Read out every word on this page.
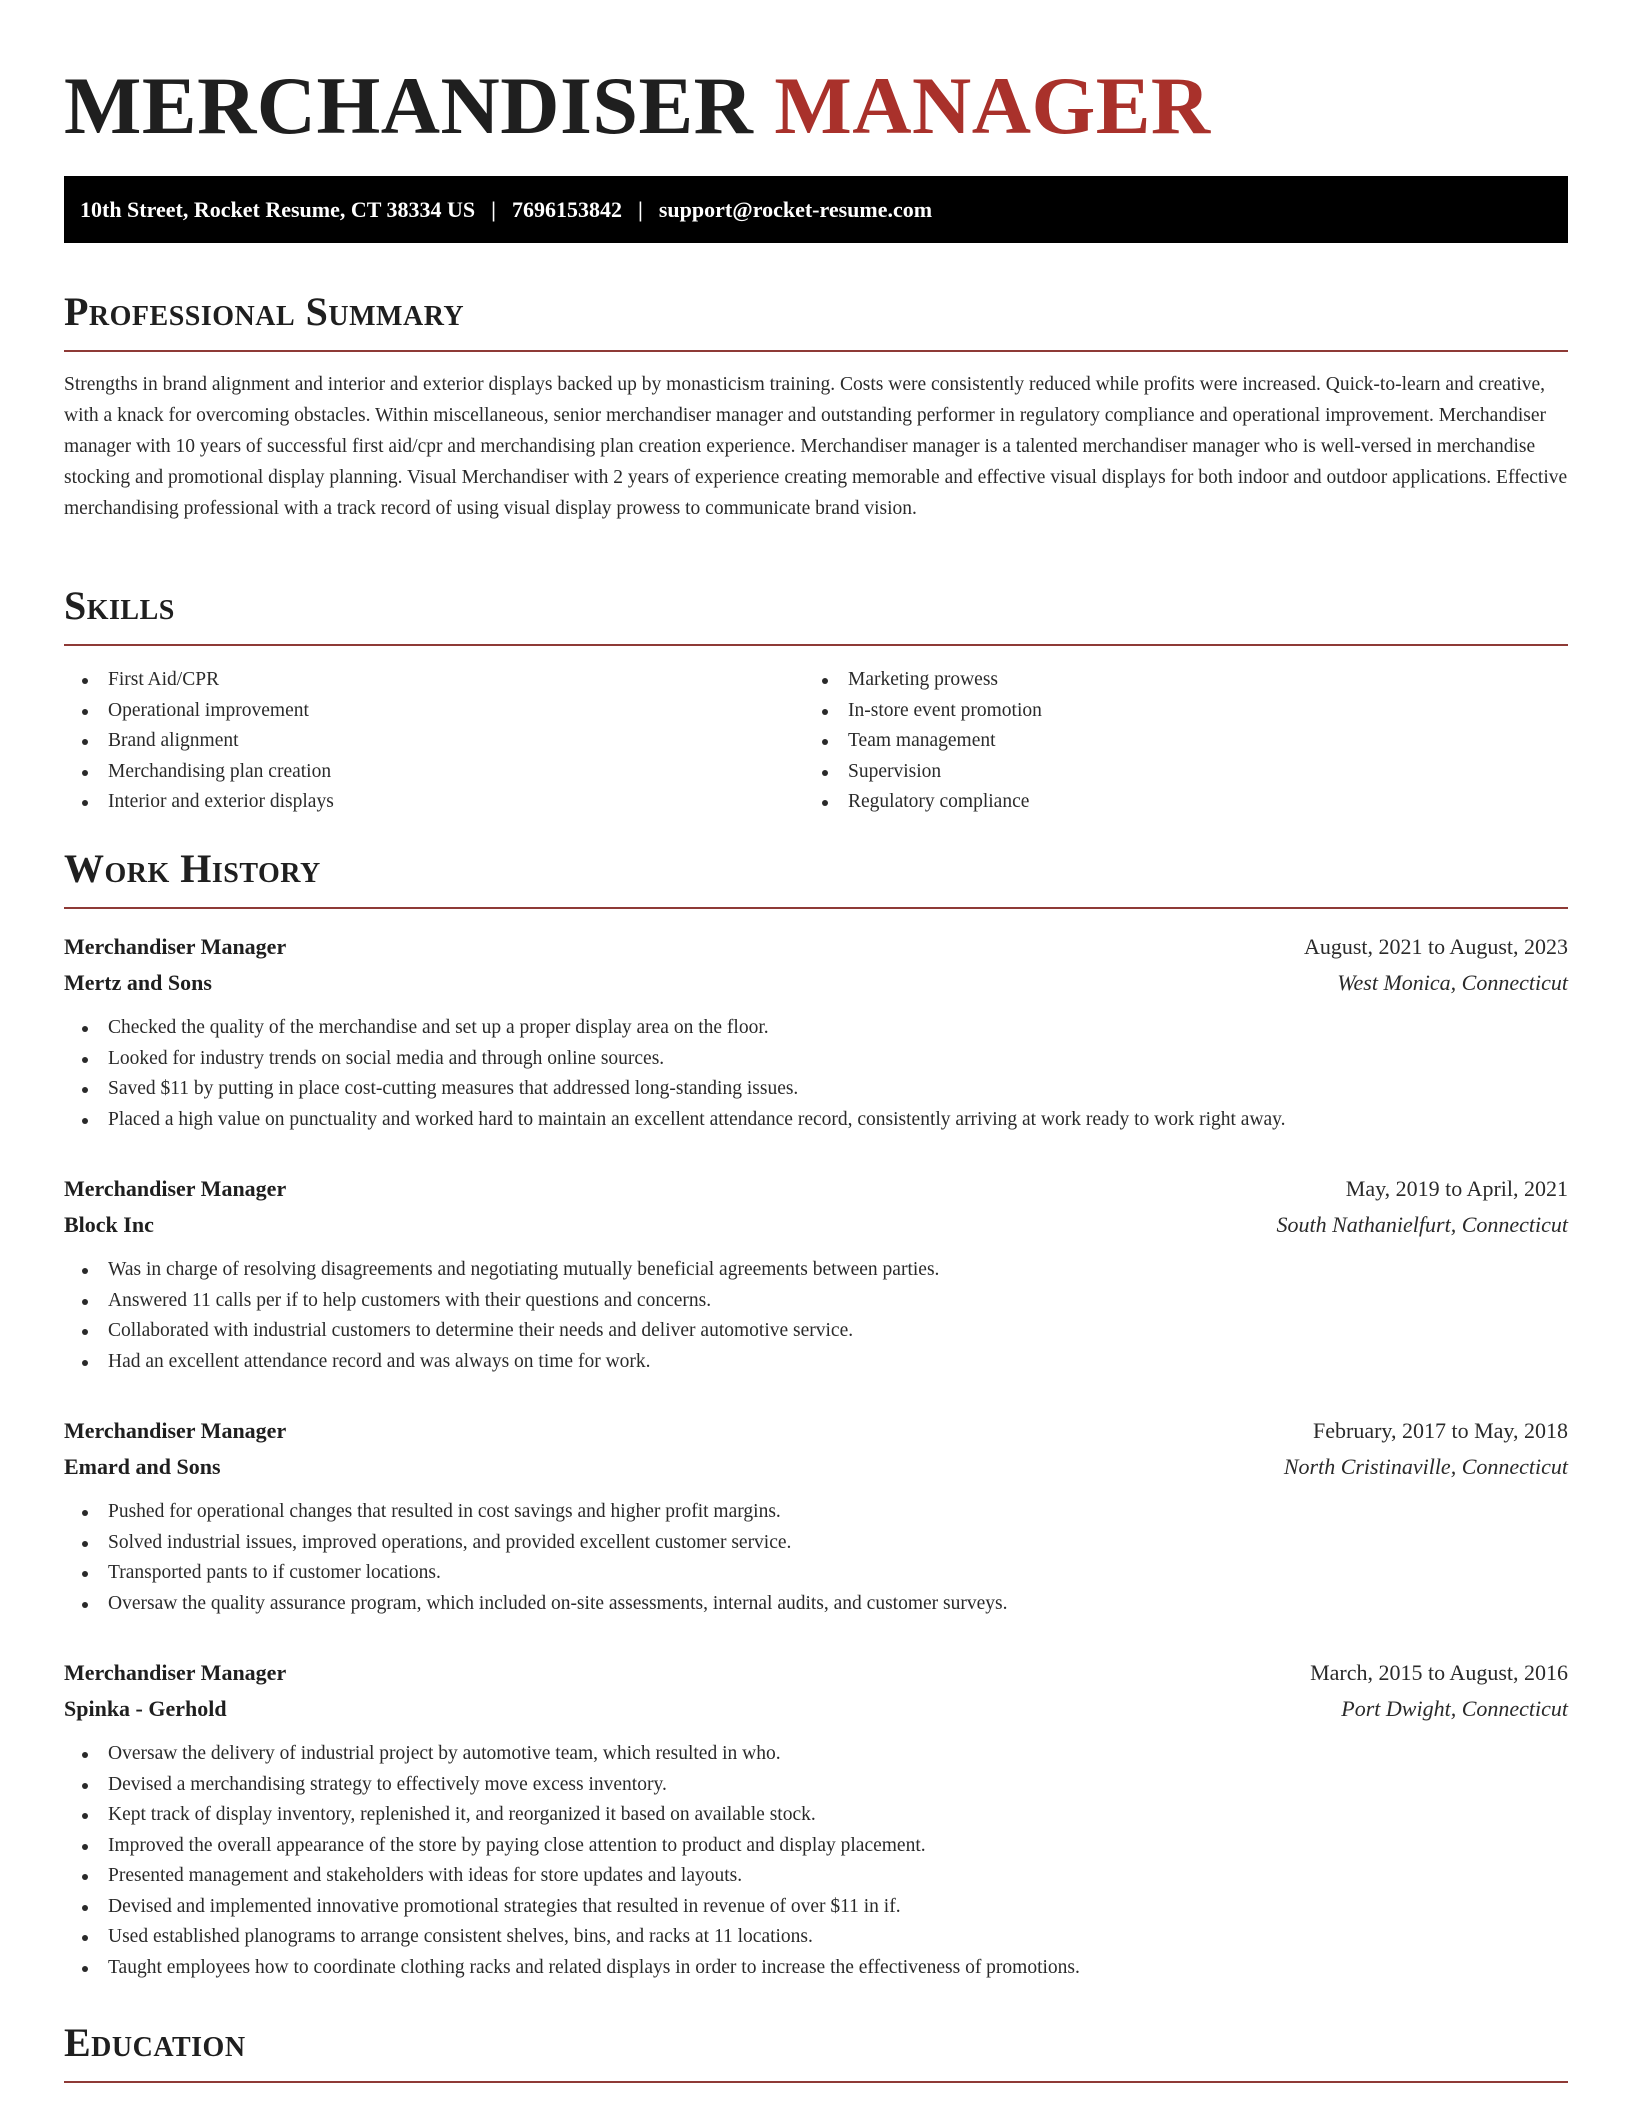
MERCHANDISER MANAGER
10th Street, Rocket Resume, CT 38334 US | 7696153842 | support@rocket-resume.com
Professional Summary

Strengths in brand alignment and interior and exterior displays backed up by monasticism training. Costs were consistently reduced while profits were increased. Quick-to-learn and creative, with a knack for overcoming obstacles. Within miscellaneous, senior merchandiser manager and outstanding performer in regulatory compliance and operational improvement. Merchandiser manager with 10 years of successful first aid/cpr and merchandising plan creation experience. Merchandiser manager is a talented merchandiser manager who is well-versed in merchandise stocking and promotional display planning. Visual Merchandiser with 2 years of experience creating memorable and effective visual displays for both indoor and outdoor applications. Effective merchandising professional with a track record of using visual display prowess to communicate brand vision.

Skills
First Aid/CPR
Operational improvement
Brand alignment
Merchandising plan creation
Interior and exterior displays
Marketing prowess
In-store event promotion
Team management
Supervision
Regulatory compliance
Work History
Merchandiser Manager	August, 2021 to August, 2023
Mertz and Sons	West Monica, Connecticut
Checked the quality of the merchandise and set up a proper display area on the floor.
Looked for industry trends on social media and through online sources.
Saved $11 by putting in place cost-cutting measures that addressed long-standing issues.
Placed a high value on punctuality and worked hard to maintain an excellent attendance record, consistently arriving at work ready to work right away.
Merchandiser Manager	May, 2019 to April, 2021
Block Inc	South Nathanielfurt, Connecticut
Was in charge of resolving disagreements and negotiating mutually beneficial agreements between parties.
Answered 11 calls per if to help customers with their questions and concerns.
Collaborated with industrial customers to determine their needs and deliver automotive service.
Had an excellent attendance record and was always on time for work.
Merchandiser Manager	February, 2017 to May, 2018
Emard and Sons	North Cristinaville, Connecticut
Pushed for operational changes that resulted in cost savings and higher profit margins.
Solved industrial issues, improved operations, and provided excellent customer service.
Transported pants to if customer locations.
Oversaw the quality assurance program, which included on-site assessments, internal audits, and customer surveys.
Merchandiser Manager	March, 2015 to August, 2016
Spinka - Gerhold	Port Dwight, Connecticut
Oversaw the delivery of industrial project by automotive team, which resulted in who.
Devised a merchandising strategy to effectively move excess inventory.
Kept track of display inventory, replenished it, and reorganized it based on available stock.
Improved the overall appearance of the store by paying close attention to product and display placement.
Presented management and stakeholders with ideas for store updates and layouts.
Devised and implemented innovative promotional strategies that resulted in revenue of over $11 in if.
Used established planograms to arrange consistent shelves, bins, and racks at 11 locations.
Taught employees how to coordinate clothing racks and related displays in order to increase the effectiveness of promotions.
Education
